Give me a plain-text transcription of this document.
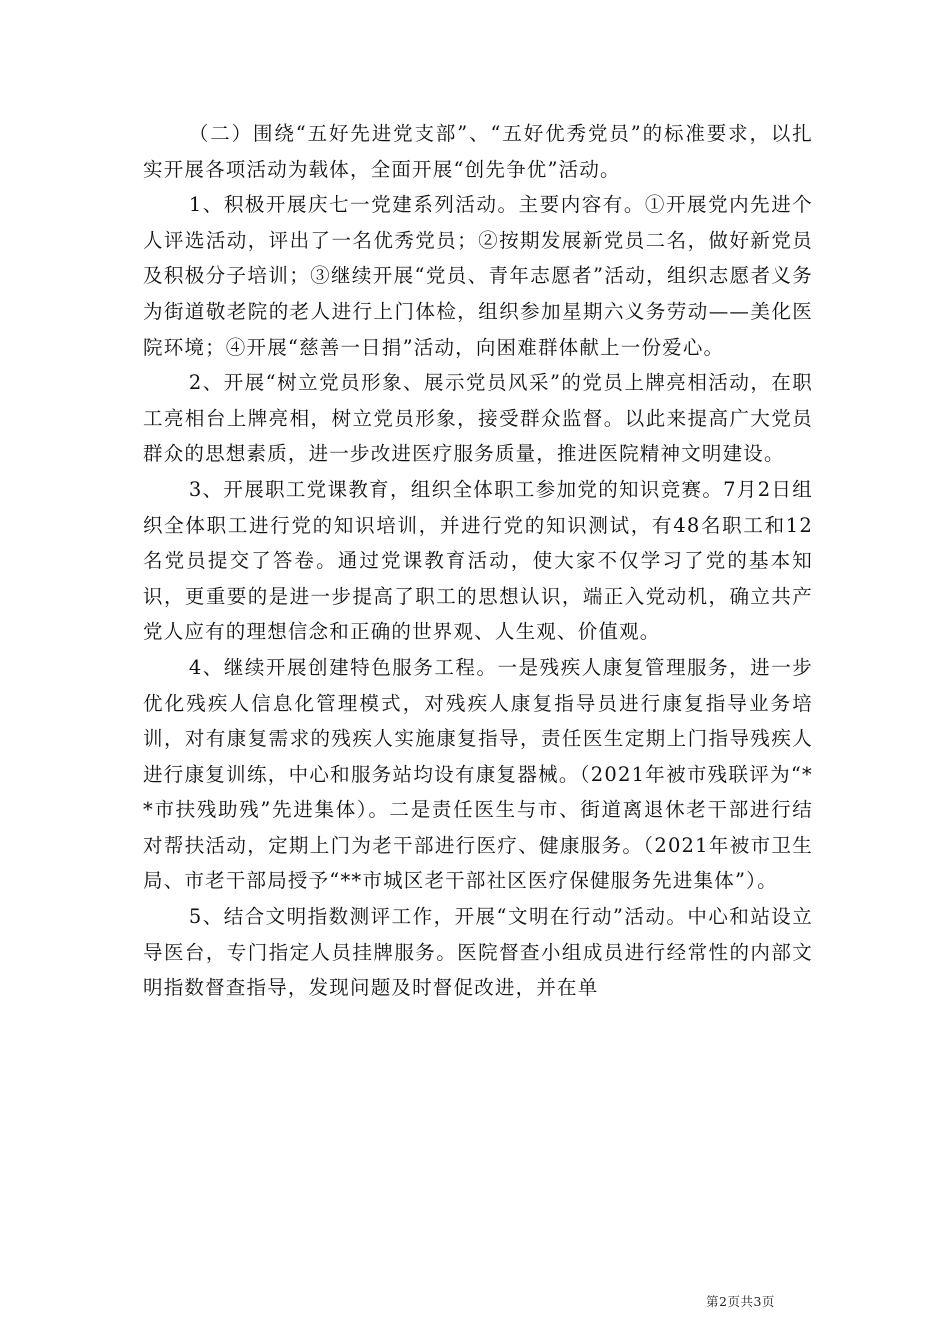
（二）围绕“五好先进党支部”、“五好优秀党员”的标准要求，以扎实开展各项活动为载体，全面开展“创先争优”活动。

1、积极开展庆七一党建系列活动。主要内容有。①开展党内先进个人评选活动，评出了一名优秀党员；②按期发展新党员二名，做好新党员及积极分子培训；③继续开展“党员、青年志愿者”活动，组织志愿者义务为街道敬老院的老人进行上门体检，组织参加星期六义务劳动——美化医院环境；④开展“慈善一日捐”活动，向困难群体献上一份爱心。

2、开展“树立党员形象、展示党员风采”的党员上牌亮相活动，在职工亮相台上牌亮相，树立党员形象，接受群众监督。以此来提高广大党员群众的思想素质，进一步改进医疗服务质量，推进医院精神文明建设。

3、开展职工党课教育，组织全体职工参加党的知识竞赛。7月2日组织全体职工进行党的知识培训，并进行党的知识测试，有48名职工和12名党员提交了答卷。通过党课教育活动，使大家不仅学习了党的基本知识，更重要的是进一步提高了职工的思想认识，端正入党动机，确立共产党人应有的理想信念和正确的世界观、人生观、价值观。

4、继续开展创建特色服务工程。一是残疾人康复管理服务，进一步优化残疾人信息化管理模式，对残疾人康复指导员进行康复指导业务培训，对有康复需求的残疾人实施康复指导，责任医生定期上门指导残疾人进行康复训练，中心和服务站均设有康复器械。（2021年被市残联评为“**市扶残助残”先进集体）。二是责任医生与市、街道离退休老干部进行结对帮扶活动，定期上门为老干部进行医疗、健康服务。（2021年被市卫生局、市老干部局授予“**市城区老干部社区医疗保健服务先进集体”）。

5、结合文明指数测评工作，开展“文明在行动”活动。中心和站设立导医台，专门指定人员挂牌服务。医院督查小组成员进行经常性的内部文明指数督查指导，发现问题及时督促改进，并在单

第2页共3页
